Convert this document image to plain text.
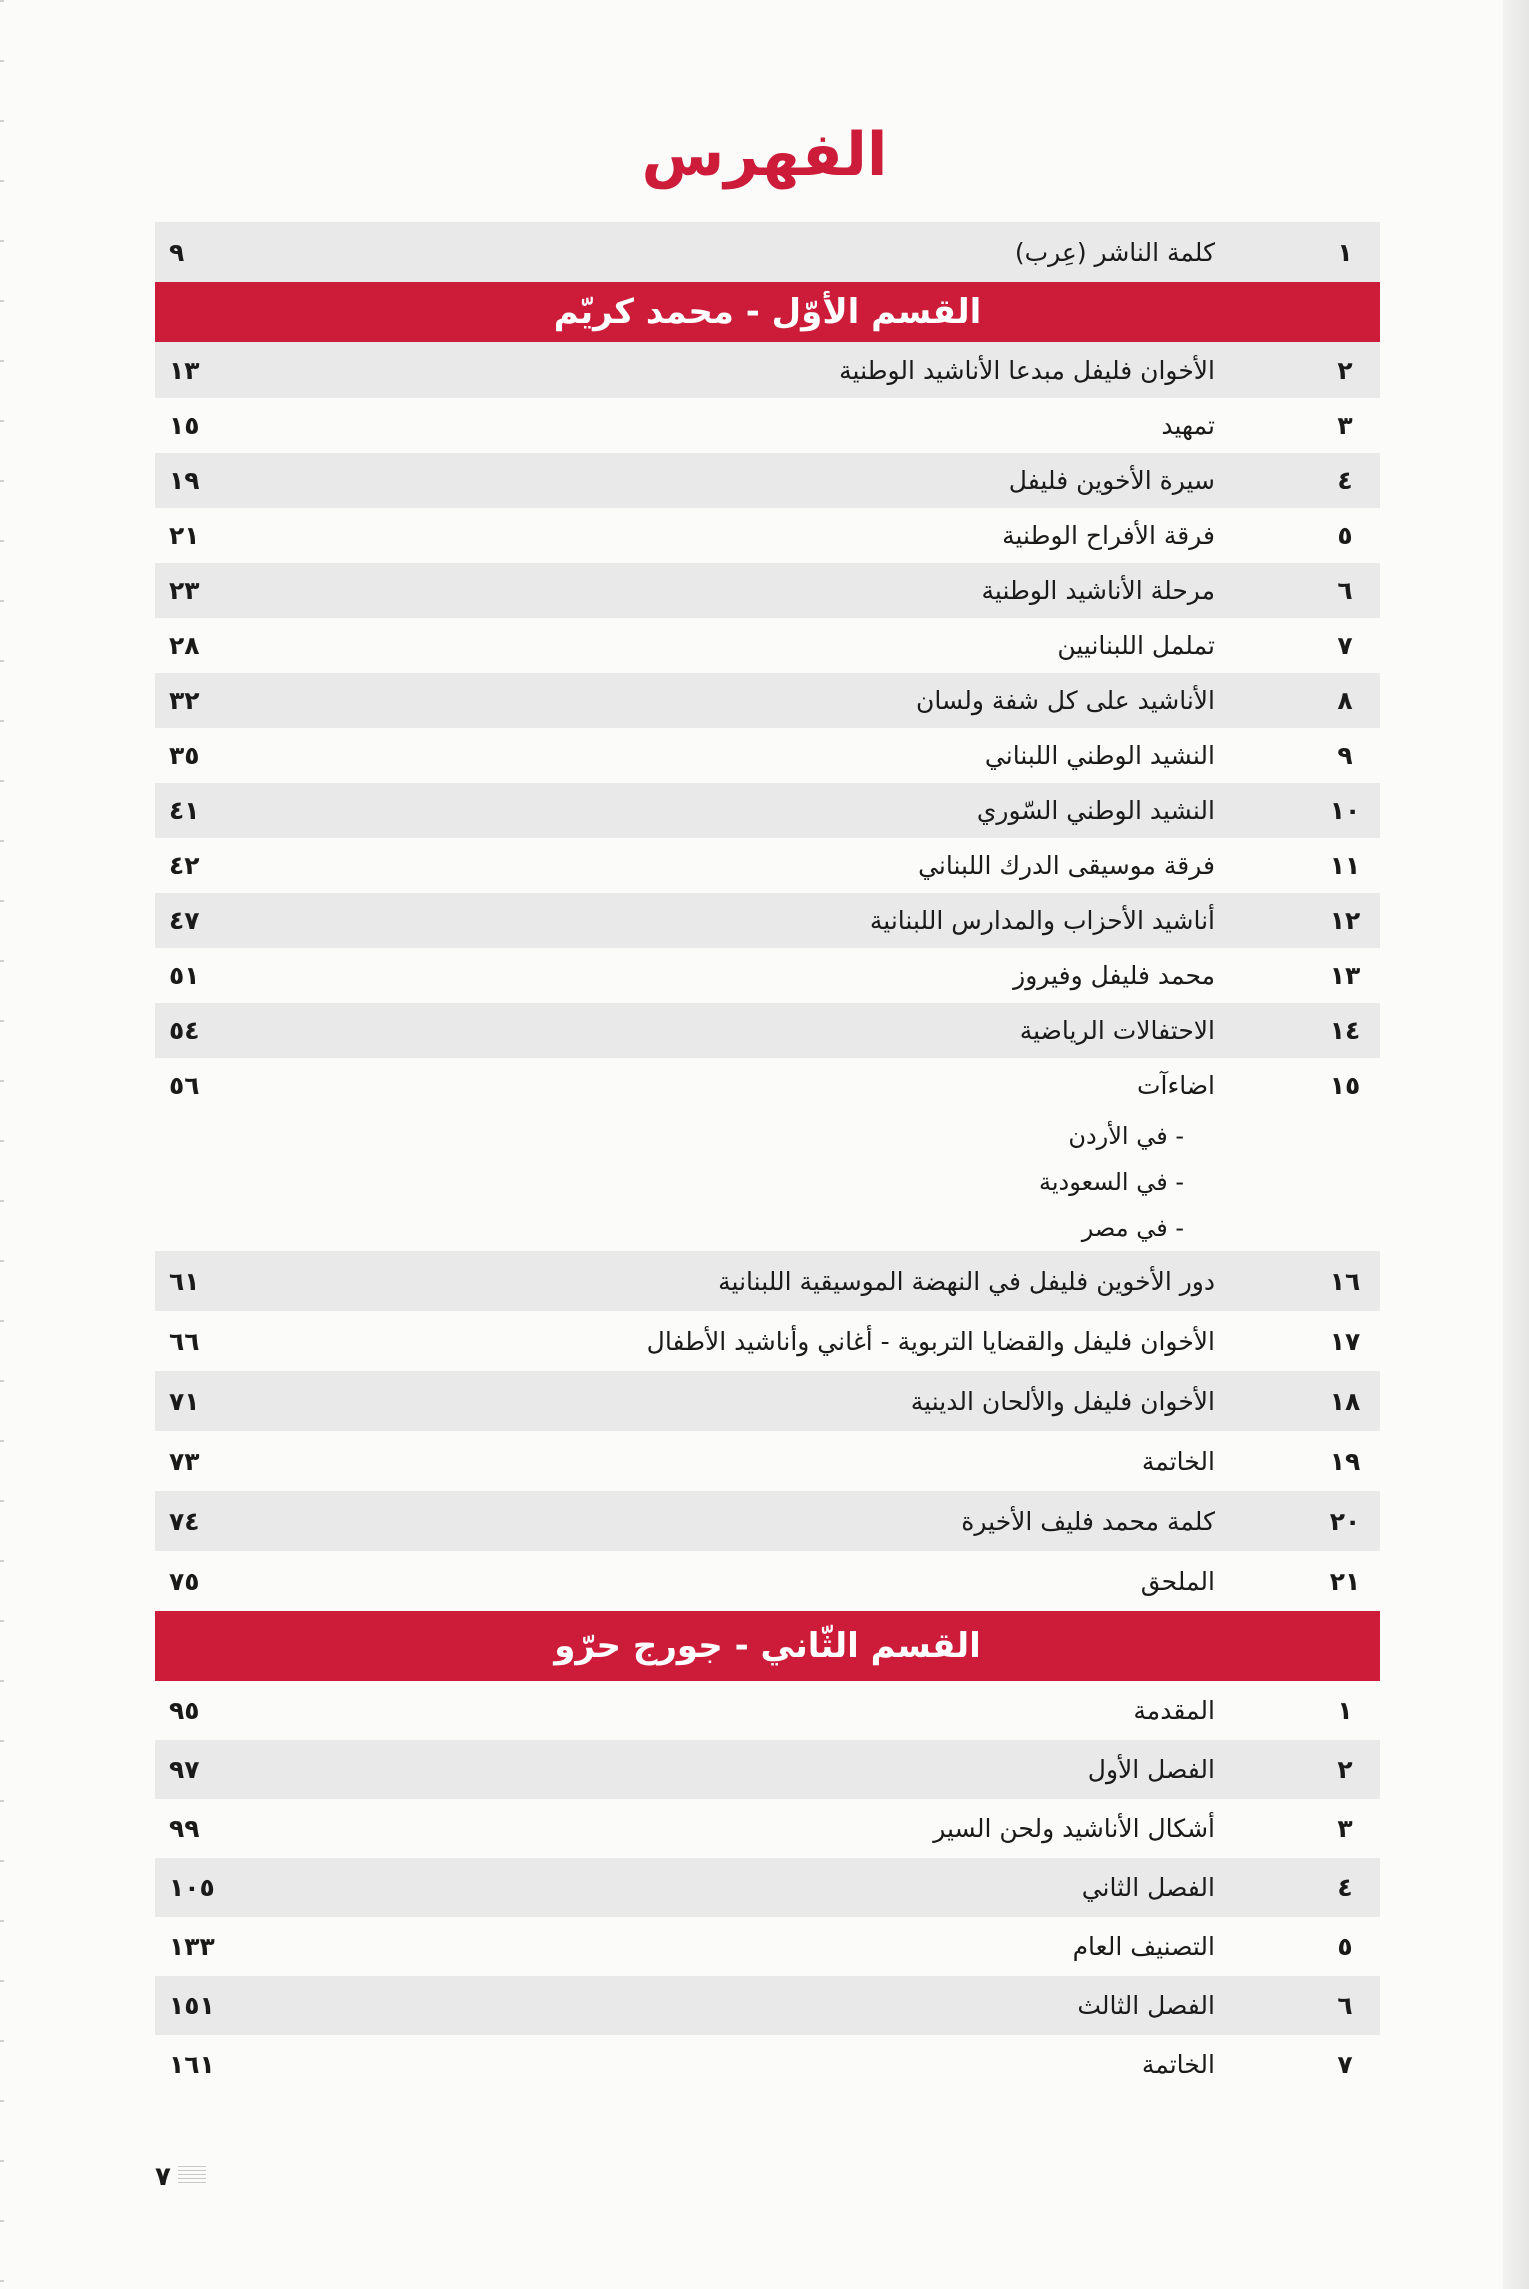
الفهرس
١
كلمة الناشر (عِرب)
٩
القسم الأوّل - محمد كريّم
٢
الأخوان فليفل مبدعا الأناشيد الوطنية
١٣
٣
تمهيد
١٥
٤
سيرة الأخوين فليفل
١٩
٥
فرقة الأفراح الوطنية
٢١
٦
مرحلة الأناشيد الوطنية
٢٣
٧
تململ اللبنانيين
٢٨
٨
الأناشيد على كل شفة ولسان
٣٢
٩
النشيد الوطني اللبناني
٣٥
١٠
النشيد الوطني السّوري
٤١
١١
فرقة موسيقى الدرك اللبناني
٤٢
١٢
أناشيد الأحزاب والمدارس اللبنانية
٤٧
١٣
محمد فليفل وفيروز
٥١
١٤
الاحتفالات الرياضية
٥٤
١٥
اضاءآت
٥٦
- في الأردن
- في السعودية
- في مصر
١٦
دور الأخوين فليفل في النهضة الموسيقية اللبنانية
٦١
١٧
الأخوان فليفل والقضايا التربوية - أغاني وأناشيد الأطفال
٦٦
١٨
الأخوان فليفل والألحان الدينية
٧١
١٩
الخاتمة
٧٣
٢٠
كلمة محمد فليف الأخيرة
٧٤
٢١
الملحق
٧٥
القسم الثّاني - جورج حرّو
١
المقدمة
٩٥
٢
الفصل الأول
٩٧
٣
أشكال الأناشيد ولحن السير
٩٩
٤
الفصل الثاني
١٠٥
٥
التصنيف العام
١٣٣
٦
الفصل الثالث
١٥١
٧
الخاتمة
١٦١
٧
